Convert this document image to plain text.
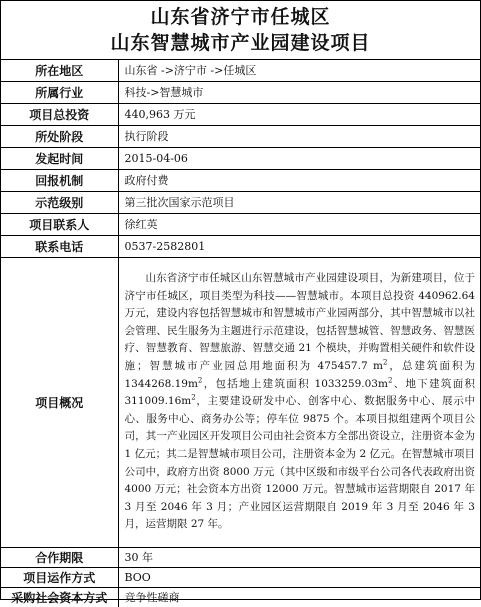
山东省济宁市任城区
山东智慧城市产业园建设项目
所在地区	山东省 ->济宁市 ->任城区
所属行业	科技->智慧城市
项目总投资	440,963 万元
所处阶段	执行阶段
发起时间	2015-04-06
回报机制	政府付费
示范级别	第三批次国家示范项目
项目联系人	徐红英
联系电话	0537-2582801
项目概况	山东省济宁市任城区山东智慧城市产业园建设项目，为新建项目，位于济宁市任城区，项目类型为科技——智慧城市。本项目总投资 440962.64 万元，建设内容包括智慧城市和智慧城市产业园两部分，其中智慧城市以社会管理、民生服务为主题进行示范建设，包括智慧城管、智慧政务、智慧医疗、智慧教育、智慧旅游、智慧交通 21 个模块，并购置相关硬件和软件设施；智慧城市产业园总用地面积为 475457.7 $m^2$，总建筑面积为 $1344268.19m^2$，包括地上建筑面积 $1033259.03m^2$、地下建筑面积 $311009.16m^2$，主要建设研发中心、创客中心、数据服务中心、展示中心、服务中心、商务办公等；停车位 9875 个。本项目拟组建两个项目公司，其一产业园区开发项目公司由社会资本方全部出资设立，注册资本金为 1 亿元；其二是智慧城市项目公司，注册资本金为 2 亿元。在智慧城市项目公司中，政府方出资 8000 万元（其中区级和市级平台公司各代表政府出资 4000 万元；社会资本方出资 12000 万元。智慧城市运营期限自 2017 年 3 月至 2046 年 3 月；产业园区运营期限自 2019 年 3 月至 2046 年 3 月，运营期限 27 年。

合作期限	30 年
项目运作方式	BOO
采购社会资本方式	竞争性磋商
